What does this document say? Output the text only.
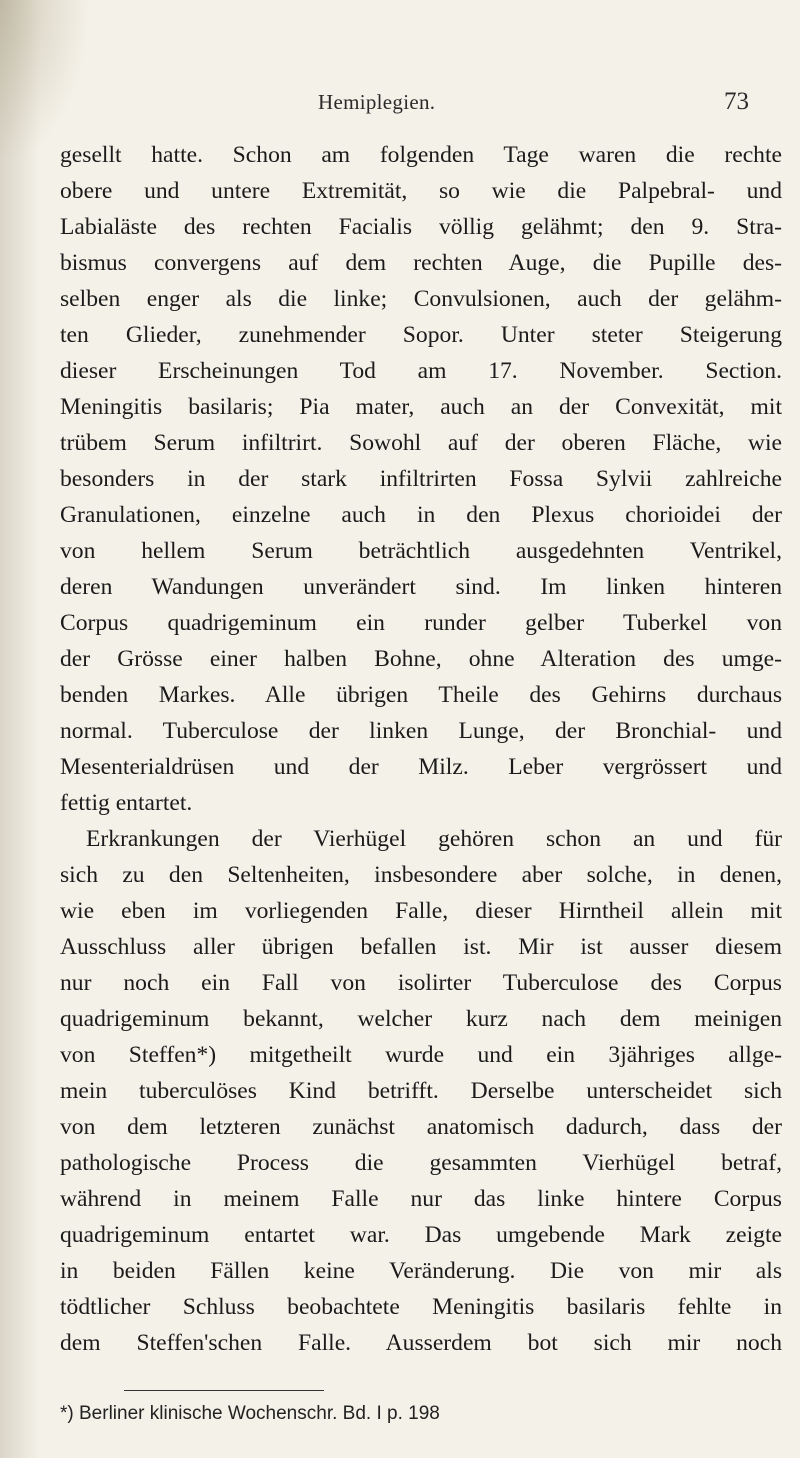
Hemiplegien.	73
gesellt hatte. Schon am folgenden Tage waren die rechte
obere und untere Extremität, so wie die Palpebral- und
Labialäste des rechten Facialis völlig gelähmt; den 9. Stra-
bismus convergens auf dem rechten Auge, die Pupille des-
selben enger als die linke; Convulsionen, auch der gelähm-
ten Glieder, zunehmender Sopor. Unter steter Steigerung
dieser Erscheinungen Tod am 17. November. Section.
Meningitis basilaris; Pia mater, auch an der Convexität, mit
trübem Serum infiltrirt. Sowohl auf der oberen Fläche, wie
besonders in der stark infiltrirten Fossa Sylvii zahlreiche
Granulationen, einzelne auch in den Plexus chorioidei der
von hellem Serum beträchtlich ausgedehnten Ventrikel,
deren Wandungen unverändert sind. Im linken hinteren
Corpus quadrigeminum ein runder gelber Tuberkel von
der Grösse einer halben Bohne, ohne Alteration des umge-
benden Markes. Alle übrigen Theile des Gehirns durchaus
normal. Tuberculose der linken Lunge, der Bronchial- und
Mesenterialdrüsen und der Milz. Leber vergrössert und
fettig entartet.
Erkrankungen der Vierhügel gehören schon an und für
sich zu den Seltenheiten, insbesondere aber solche, in denen,
wie eben im vorliegenden Falle, dieser Hirntheil allein mit
Ausschluss aller übrigen befallen ist. Mir ist ausser diesem
nur noch ein Fall von isolirter Tuberculose des Corpus
quadrigeminum bekannt, welcher kurz nach dem meinigen
von Steffen*) mitgetheilt wurde und ein 3jähriges allge-
mein tuberculöses Kind betrifft. Derselbe unterscheidet sich
von dem letzteren zunächst anatomisch dadurch, dass der
pathologische Process die gesammten Vierhügel betraf,
während in meinem Falle nur das linke hintere Corpus
quadrigeminum entartet war. Das umgebende Mark zeigte
in beiden Fällen keine Veränderung. Die von mir als
tödtlicher Schluss beobachtete Meningitis basilaris fehlte in
dem Steffen'schen Falle. Ausserdem bot sich mir noch
*) Berliner klinische Wochenschr. Bd. I p. 198
